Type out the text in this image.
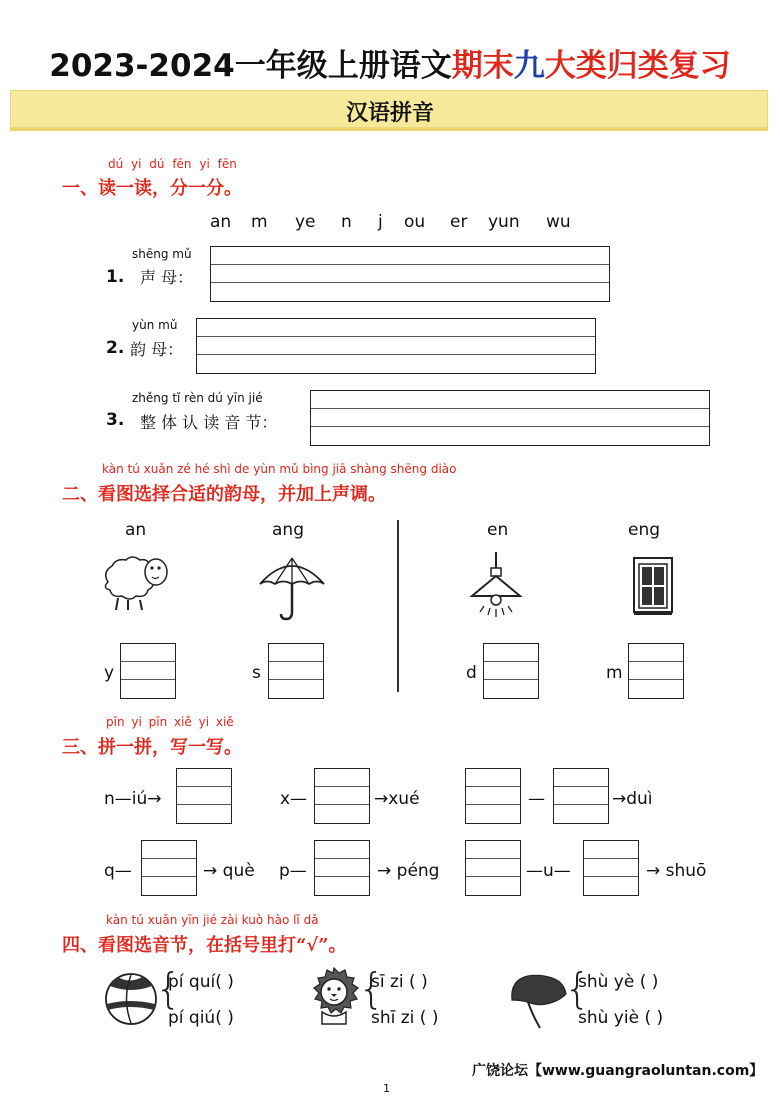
2023-2024一年级上册语文期末九大类归类复习
汉语拼音
dú yi dú fēn yi fēn
一、读一读，分一分。
an m ye n j ou er yun wu
shēng mǔ
1. 声 母：
yùn mǔ
2. 韵 母：
zhěng tǐ rèn dú yīn jié
3. 整 体 认 读 音 节：
kàn tú xuǎn zé hé shì de yùn mǔ bìng jiā shàng shēng diào
二、看图选择合适的韵母，并加上声调。
an	ang	en	eng
y	s	d	m
pīn yi pīn xiě yi xiě
三、拼一拼，写一写。
n—iú→	x—	→xué	—	→duì
q—	→ què p—	→ péng	—u—	→ shuō
kàn tú xuǎn yīn jié zài kuò hào lǐ dǎ
四、看图选音节，在括号里打“√”。
{
pí quí( )
pí qiú( )
{
sī zi ( )
shī zi ( )
{
shù yè ( )
shù yiè ( )
广饶论坛【www.guangraoluntan.com】
1
